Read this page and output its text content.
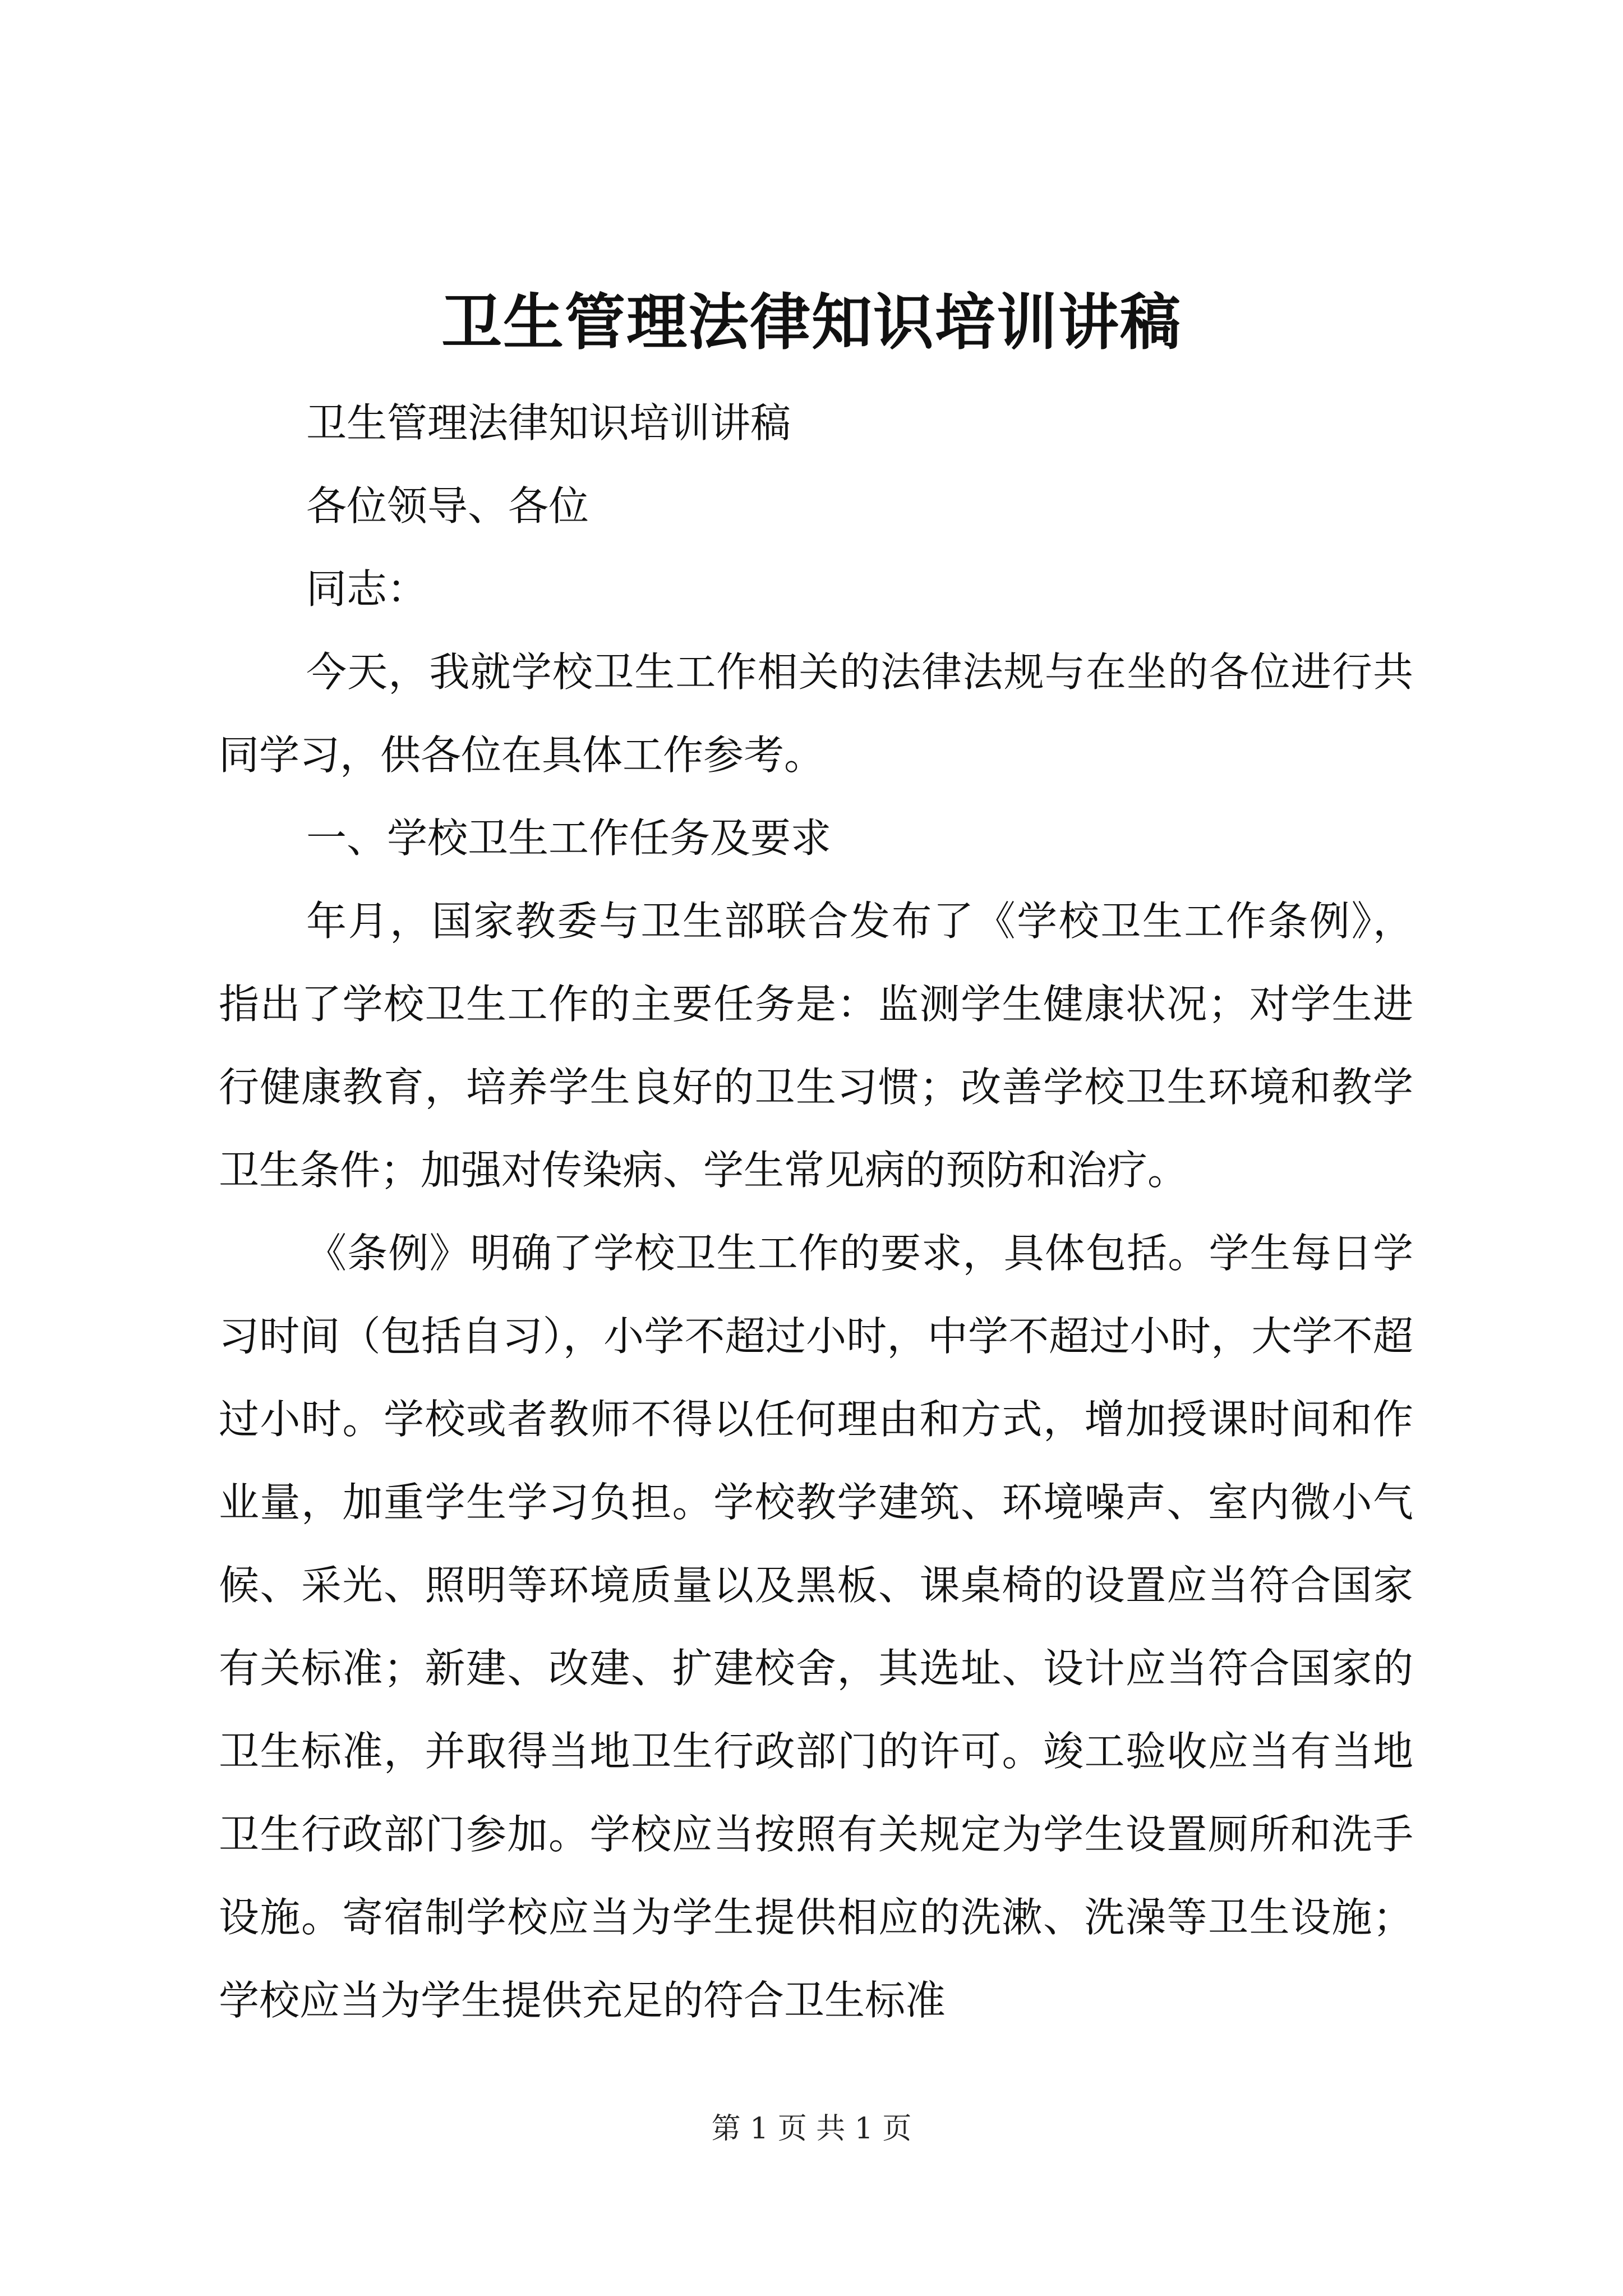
卫生管理法律知识培训讲稿

卫生管理法律知识培训讲稿

各位领导、各位

同志：

今天，我就学校卫生工作相关的法律法规与在坐的各位进行共同学习，供各位在具体工作参考。

一、学校卫生工作任务及要求

年月，国家教委与卫生部联合发布了《学校卫生工作条例》，指出了学校卫生工作的主要任务是：监测学生健康状况；对学生进行健康教育，培养学生良好的卫生习惯；改善学校卫生环境和教学卫生条件；加强对传染病、学生常见病的预防和治疗。

《条例》明确了学校卫生工作的要求，具体包括。学生每日学习时间（包括自习），小学不超过小时，中学不超过小时，大学不超过小时。学校或者教师不得以任何理由和方式，增加授课时间和作业量，加重学生学习负担。学校教学建筑、环境噪声、室内微小气候、采光、照明等环境质量以及黑板、课桌椅的设置应当符合国家有关标准；新建、改建、扩建校舍，其选址、设计应当符合国家的卫生标准，并取得当地卫生行政部门的许可。竣工验收应当有当地卫生行政部门参加。学校应当按照有关规定为学生设置厕所和洗手设施。寄宿制学校应当为学生提供相应的洗漱、洗澡等卫生设施；学校应当为学生提供充足的符合卫生标准

第 1 页 共 1 页
